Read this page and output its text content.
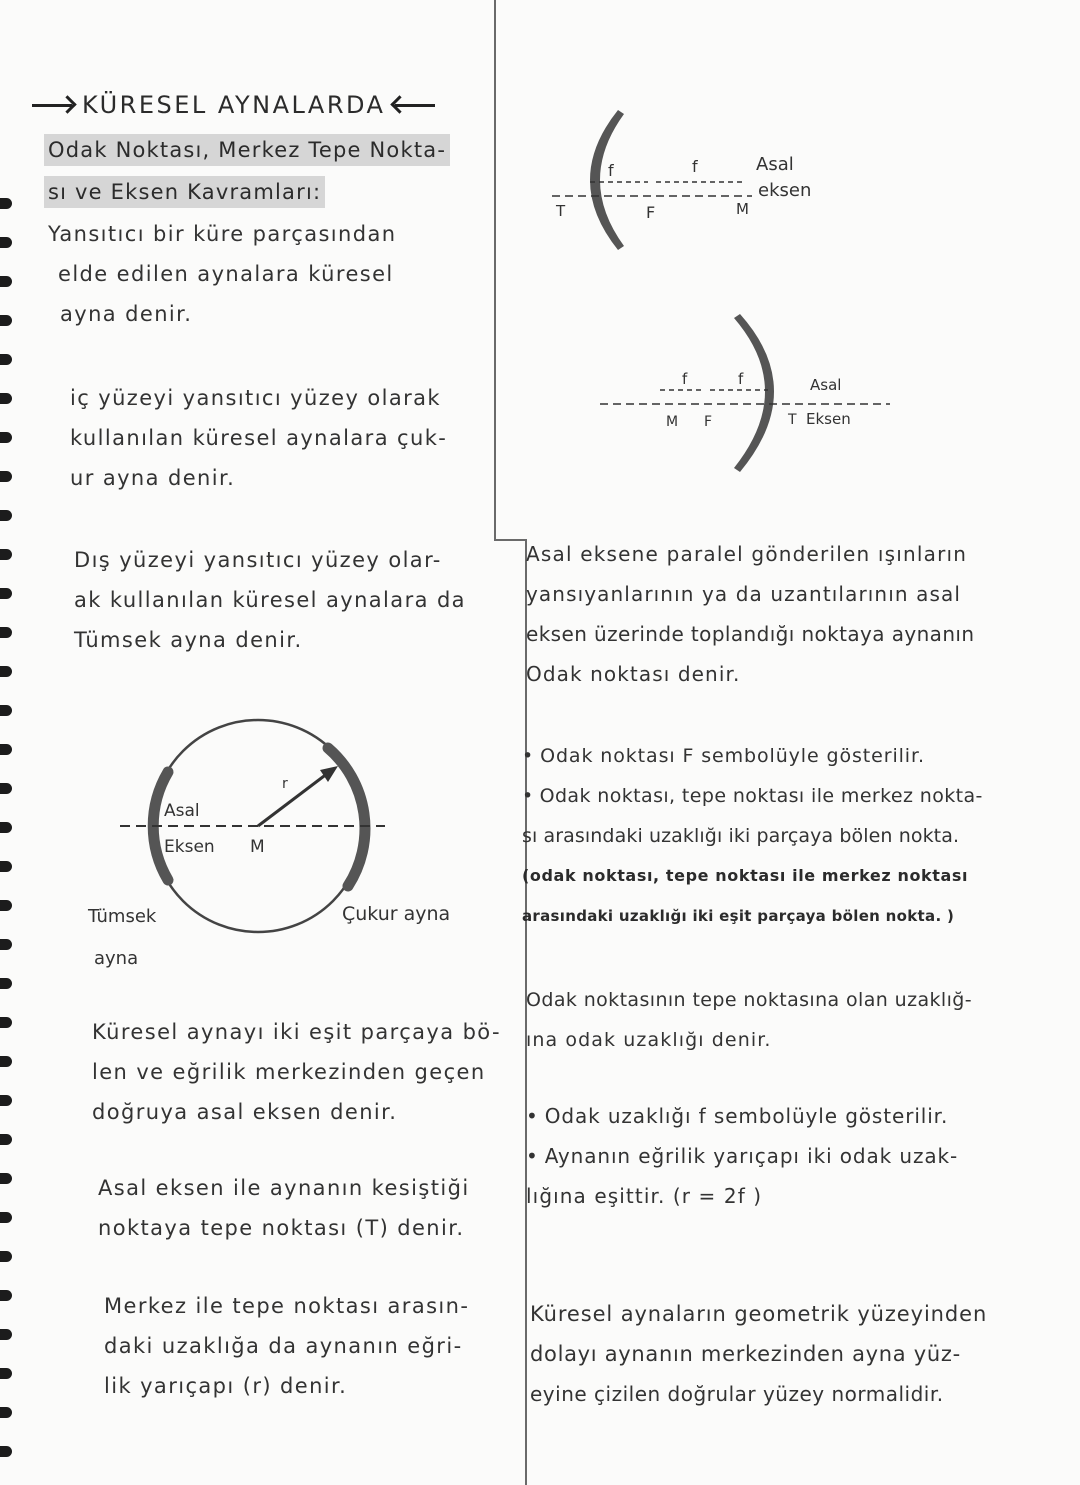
KÜRESEL AYNALARDA

Odak Noktası, Merkez Tepe Nokta-

sı ve Eksen Kavramları:

Yansıtıcı bir küre parçasından

elde edilen aynalara küresel

ayna denir.

iç yüzeyi yansıtıcı yüzey olarak

kullanılan küresel aynalara çuk-

ur ayna denir.

Dış yüzeyi yansıtıcı yüzey olar-

ak kullanılan küresel aynalara da

Tümsek ayna denir.

Asal
Eksen M
r
Tümsek
ayna
Çukur ayna

Küresel aynayı iki eşit parçaya bö-

len ve eğrilik merkezinden geçen

doğruya asal eksen denir.

Asal eksen ile aynanın kesiştiği

noktaya tepe noktası (T) denir.

Merkez ile tepe noktası arasın-

daki uzaklığa da aynanın eğri-

lik yarıçapı (r) denir.

f	f
T	F	M
Asal
eksen
f	f
M F	T
Asal
Eksen

Asal eksene paralel gönderilen ışınların

yansıyanlarının ya da uzantılarının asal

eksen üzerinde toplandığı noktaya aynanın

Odak noktası denir.

• Odak noktası F sembolüyle gösterilir.

• Odak noktası, tepe noktası ile merkez nokta-

sı arasındaki uzaklığı iki parçaya bölen nokta.

(odak noktası, tepe noktası ile merkez noktası

arasındaki uzaklığı iki eşit parçaya bölen nokta. )

Odak noktasının tepe noktasına olan uzaklığ-

ına odak uzaklığı denir.

• Odak uzaklığı f sembolüyle gösterilir.

• Aynanın eğrilik yarıçapı iki odak uzak-

lığına eşittir. (r = 2f )

Küresel aynaların geometrik yüzeyinden

dolayı aynanın merkezinden ayna yüz-

eyine çizilen doğrular yüzey normalidir.
